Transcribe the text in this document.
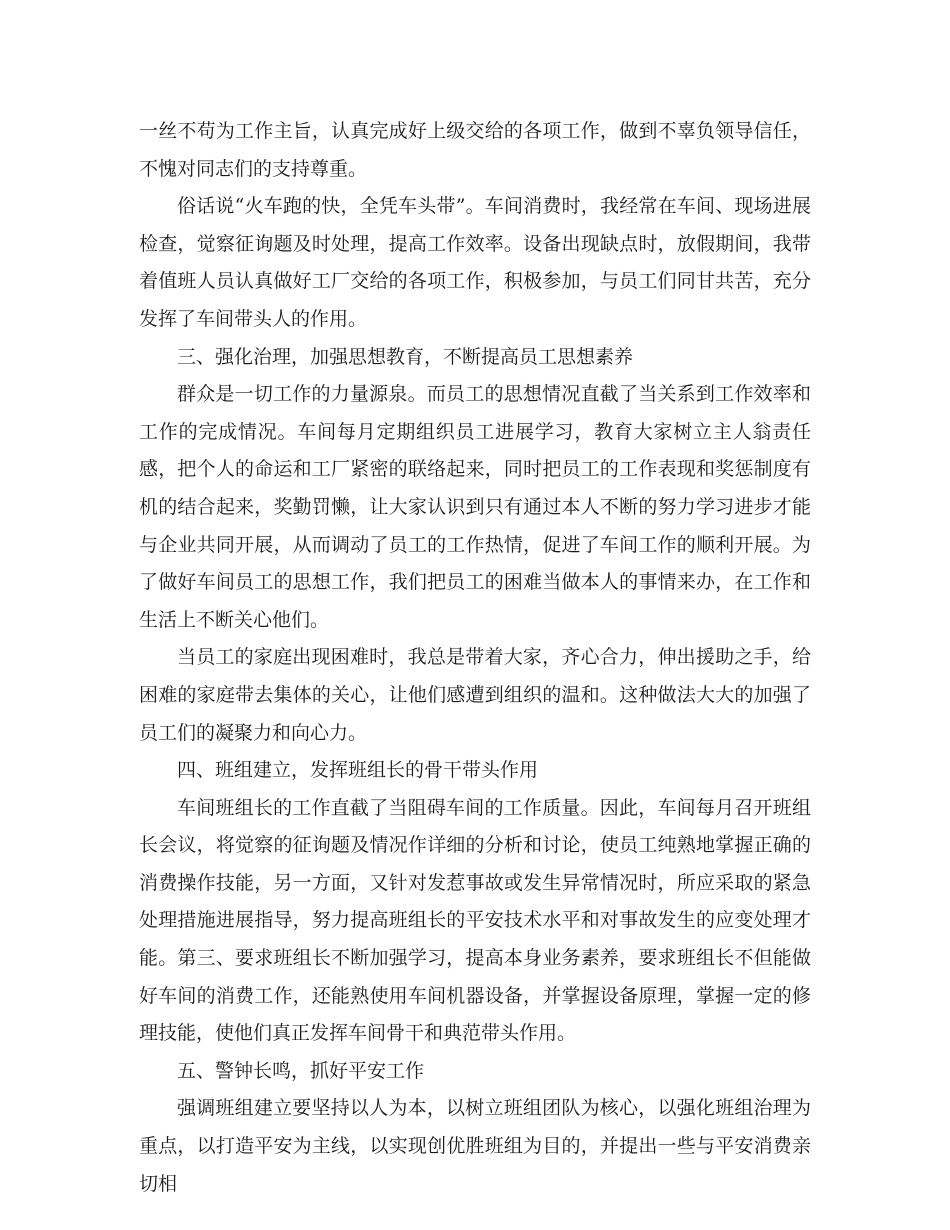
一丝不苟为工作主旨，认真完成好上级交给的各项工作，做到不辜负领导信任，不愧对同志们的支持尊重。

俗话说“火车跑的快，全凭车头带”。车间消费时，我经常在车间、现场进展检查，觉察征询题及时处理，提高工作效率。设备出现缺点时，放假期间，我带着值班人员认真做好工厂交给的各项工作，积极参加，与员工们同甘共苦，充分发挥了车间带头人的作用。

三、强化治理，加强思想教育，不断提高员工思想素养

群众是一切工作的力量源泉。而员工的思想情况直截了当关系到工作效率和工作的完成情况。车间每月定期组织员工进展学习，教育大家树立主人翁责任感，把个人的命运和工厂紧密的联络起来，同时把员工的工作表现和奖惩制度有机的结合起来，奖勤罚懒，让大家认识到只有通过本人不断的努力学习进步才能与企业共同开展，从而调动了员工的工作热情，促进了车间工作的顺利开展。为了做好车间员工的思想工作，我们把员工的困难当做本人的事情来办，在工作和生活上不断关心他们。

当员工的家庭出现困难时，我总是带着大家，齐心合力，伸出援助之手，给困难的家庭带去集体的关心，让他们感遭到组织的温和。这种做法大大的加强了员工们的凝聚力和向心力。

四、班组建立，发挥班组长的骨干带头作用

车间班组长的工作直截了当阻碍车间的工作质量。因此，车间每月召开班组长会议，将觉察的征询题及情况作详细的分析和讨论，使员工纯熟地掌握正确的消费操作技能，另一方面，又针对发惹事故或发生异常情况时，所应采取的紧急处理措施进展指导，努力提高班组长的平安技术水平和对事故发生的应变处理才能。第三、要求班组长不断加强学习，提高本身业务素养，要求班组长不但能做好车间的消费工作，还能熟使用车间机器设备，并掌握设备原理，掌握一定的修理技能，使他们真正发挥车间骨干和典范带头作用。

五、警钟长鸣，抓好平安工作

强调班组建立要坚持以人为本，以树立班组团队为核心，以强化班组治理为重点，以打造平安为主线，以实现创优胜班组为目的，并提出一些与平安消费亲切相
